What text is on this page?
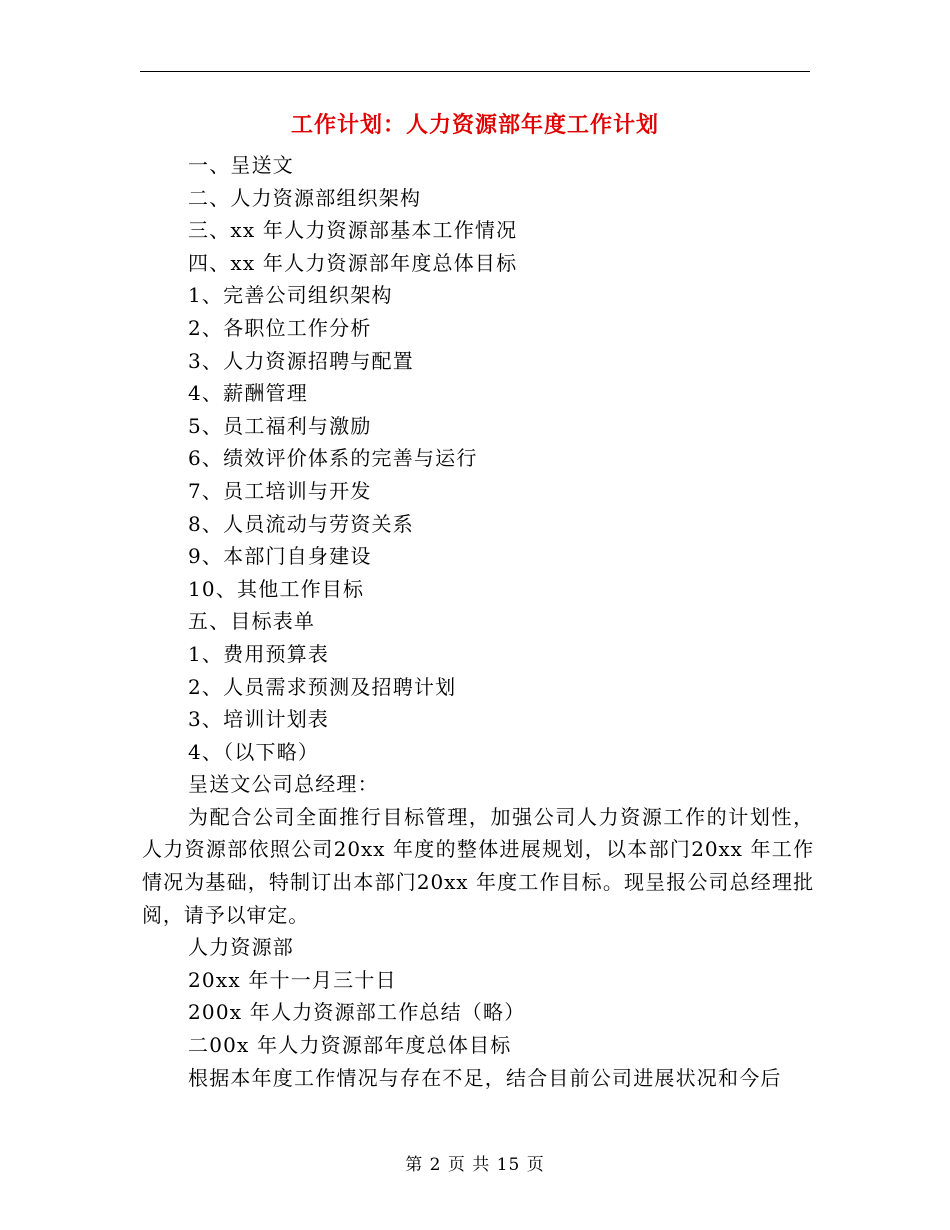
工作计划：人力资源部年度工作计划
一、呈送文
二、人力资源部组织架构
三、xx 年人力资源部基本工作情况
四、xx 年人力资源部年度总体目标
1、完善公司组织架构
2、各职位工作分析
3、人力资源招聘与配置
4、薪酬管理
5、员工福利与激励
6、绩效评价体系的完善与运行
7、员工培训与开发
8、人员流动与劳资关系
9、本部门自身建设
10、其他工作目标
五、目标表单
1、费用预算表
2、人员需求预测及招聘计划
3、培训计划表
4、（以下略）
呈送文公司总经理：

为配合公司全面推行目标管理，加强公司人力资源工作的计划性，人力资源部依照公司20xx 年度的整体进展规划，以本部门20xx 年工作情况为基础，特制订出本部门20xx 年度工作目标。现呈报公司总经理批阅，请予以审定。

人力资源部
20xx 年十一月三十日
200x 年人力资源部工作总结（略）
二00x 年人力资源部年度总体目标
根据本年度工作情况与存在不足，结合目前公司进展状况和今后
第 2 页 共 15 页
